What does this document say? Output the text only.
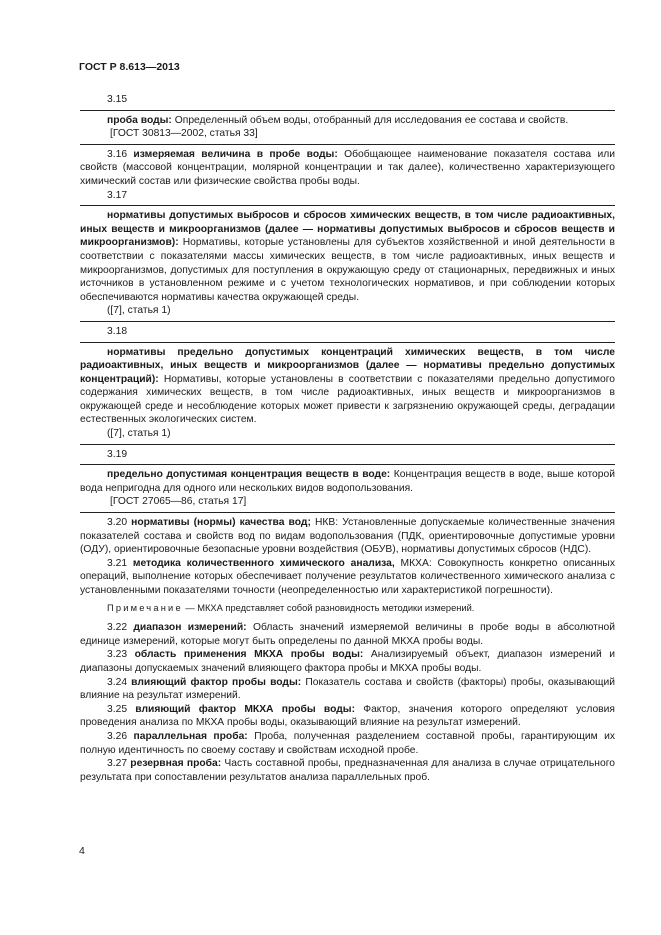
ГОСТ Р 8.613—2013
3.15
проба воды: Определенный объем воды, отобранный для исследования ее состава и свойств.
[ГОСТ 30813—2002, статья 33]
3.16 измеряемая величина в пробе воды: Обобщающее наименование показателя состава или свойств (массовой концентрации, молярной концентрации и так далее), количественно характеризующего химический состав или физические свойства пробы воды.
3.17
нормативы допустимых выбросов и сбросов химических веществ, в том числе радиоактивных, иных веществ и микроорганизмов (далее — нормативы допустимых выбросов и сбросов веществ и микроорганизмов): Нормативы, которые установлены для субъектов хозяйственной и иной деятельности в соответствии с показателями массы химических веществ, в том числе радиоактивных, иных веществ и микроорганизмов, допустимых для поступления в окружающую среду от стационарных, передвижных и иных источников в установленном режиме и с учетом технологических нормативов, и при соблюдении которых обеспечиваются нормативы качества окружающей среды.
([7], статья 1)
3.18
нормативы предельно допустимых концентраций химических веществ, в том числе радиоактивных, иных веществ и микроорганизмов (далее — нормативы предельно допустимых концентраций): Нормативы, которые установлены в соответствии с показателями предельно допустимого содержания химических веществ, в том числе радиоактивных, иных веществ и микроорганизмов в окружающей среде и несоблюдение которых может привести к загрязнению окружающей среды, деградации естественных экологических систем.
([7], статья 1)
3.19
предельно допустимая концентрация веществ в воде: Концентрация веществ в воде, выше которой вода непригодна для одного или нескольких видов водопользования.
[ГОСТ 27065—86, статья 17]
3.20 нормативы (нормы) качества вод; НКВ: Установленные допускаемые количественные значения показателей состава и свойств вод по видам водопользования (ПДК, ориентировочные допустимые уровни (ОДУ), ориентировочные безопасные уровни воздействия (ОБУВ), нормативы допустимых сбросов (НДС).
3.21 методика количественного химического анализа, МКХА: Совокупность конкретно описанных операций, выполнение которых обеспечивает получение результатов количественного химического анализа с установленными показателями точности (неопределенностью или характеристикой погрешности).
Примечание — МКХА представляет собой разновидность методики измерений.
3.22 диапазон измерений: Область значений измеряемой величины в пробе воды в абсолютной единице измерений, которые могут быть определены по данной МКХА пробы воды.
3.23 область применения МКХА пробы воды: Анализируемый объект, диапазон измерений и диапазоны допускаемых значений влияющего фактора пробы и МКХА пробы воды.
3.24 влияющий фактор пробы воды: Показатель состава и свойств (факторы) пробы, оказывающий влияние на результат измерений.
3.25 влияющий фактор МКХА пробы воды: Фактор, значения которого определяют условия проведения анализа по МКХА пробы воды, оказывающий влияние на результат измерений.
3.26 параллельная проба: Проба, полученная разделением составной пробы, гарантирующим их полную идентичность по своему составу и свойствам исходной пробе.
3.27 резервная проба: Часть составной пробы, предназначенная для анализа в случае отрицательного результата при сопоставлении результатов анализа параллельных проб.
4
